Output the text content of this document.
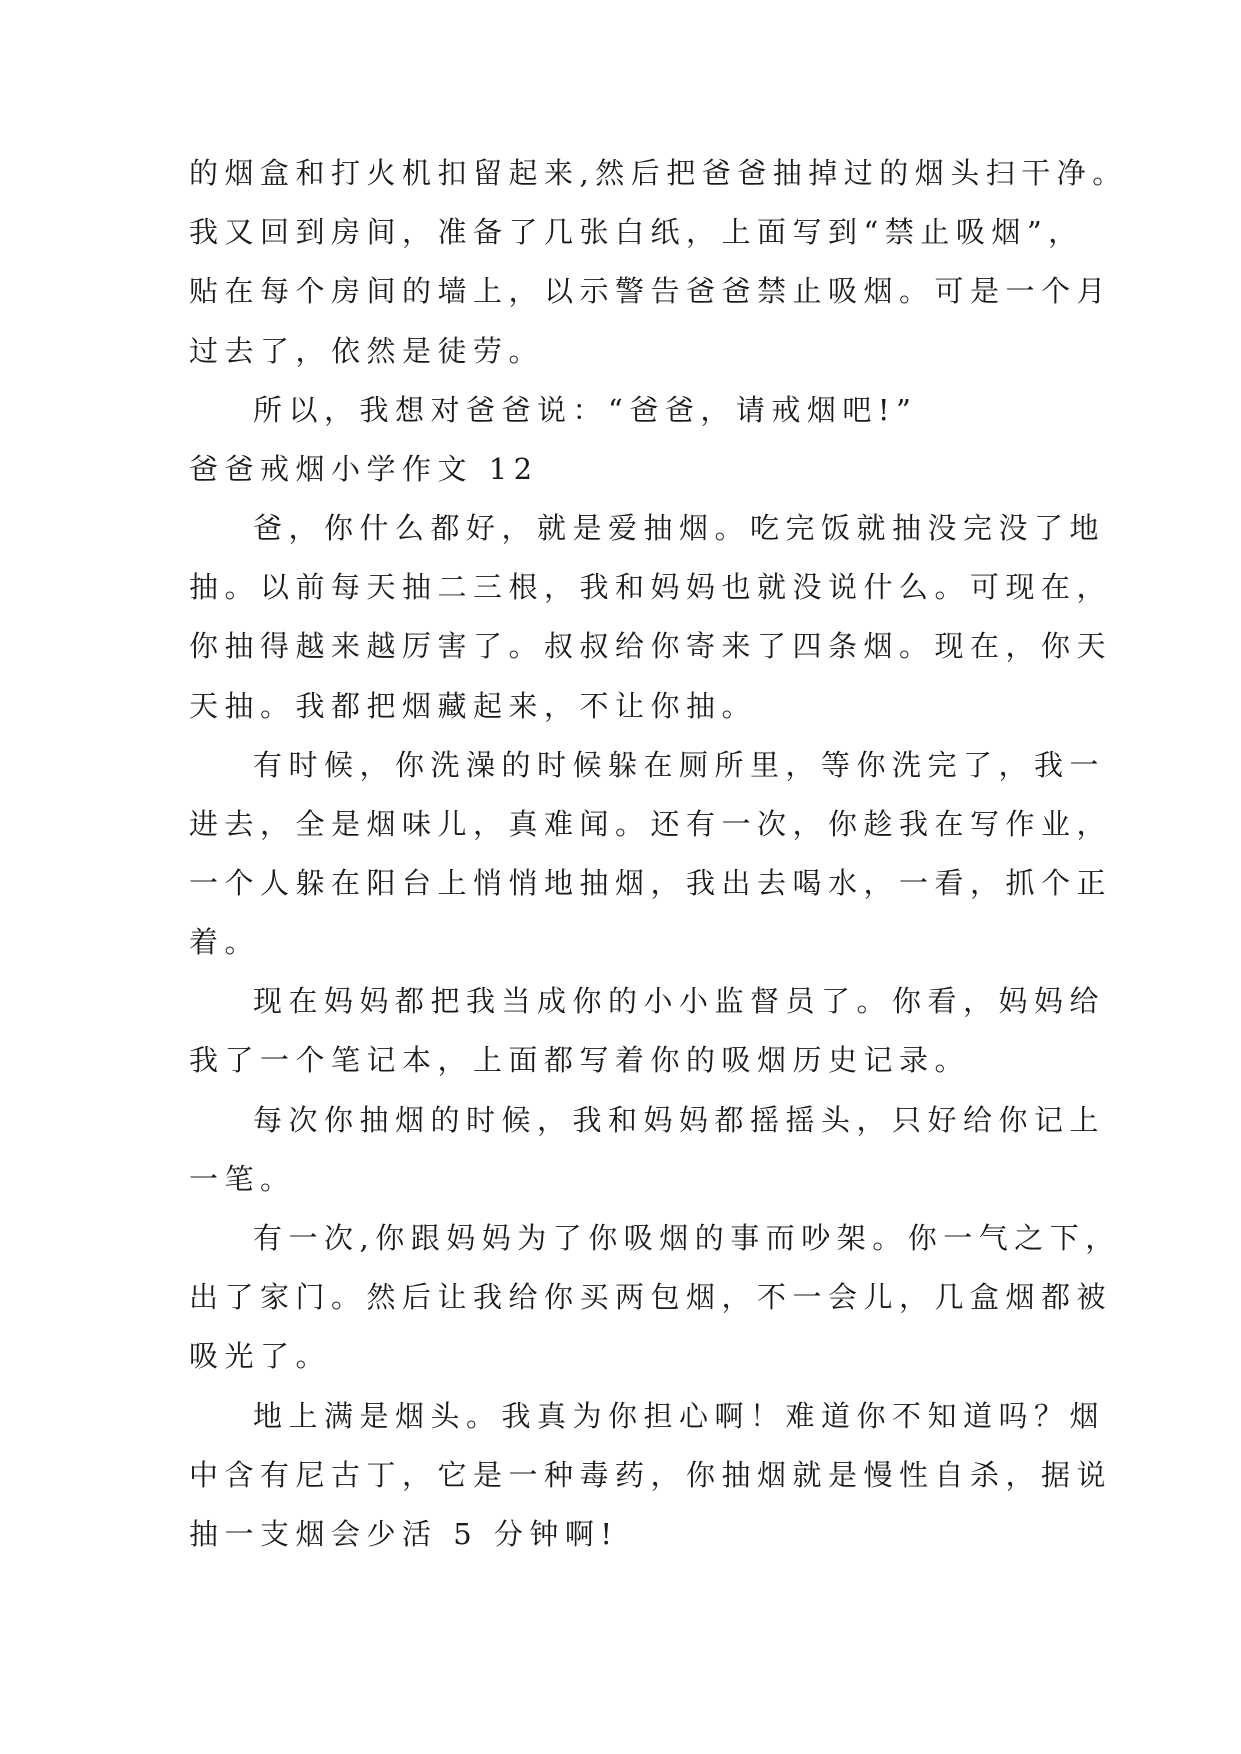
的烟盒和打火机扣留起来,然后把爸爸抽掉过的烟头扫干净。
我又回到房间，准备了几张白纸，上面写到“禁止吸烟”，
贴在每个房间的墙上，以示警告爸爸禁止吸烟。可是一个月
过去了，依然是徒劳。
所以，我想对爸爸说：“爸爸，请戒烟吧!”
爸爸戒烟小学作文 12
爸，你什么都好，就是爱抽烟。吃完饭就抽没完没了地
抽。以前每天抽二三根，我和妈妈也就没说什么。可现在，
你抽得越来越厉害了。叔叔给你寄来了四条烟。现在，你天
天抽。我都把烟藏起来，不让你抽。
有时候，你洗澡的时候躲在厕所里，等你洗完了，我一
进去，全是烟味儿，真难闻。还有一次，你趁我在写作业，
一个人躲在阳台上悄悄地抽烟，我出去喝水，一看，抓个正
着。
现在妈妈都把我当成你的小小监督员了。你看，妈妈给
我了一个笔记本，上面都写着你的吸烟历史记录。
每次你抽烟的时候，我和妈妈都摇摇头，只好给你记上
一笔。
有一次,你跟妈妈为了你吸烟的事而吵架。你一气之下，
出了家门。然后让我给你买两包烟，不一会儿，几盒烟都被
吸光了。
地上满是烟头。我真为你担心啊！难道你不知道吗？烟
中含有尼古丁，它是一种毒药，你抽烟就是慢性自杀，据说
抽一支烟会少活 5 分钟啊!
